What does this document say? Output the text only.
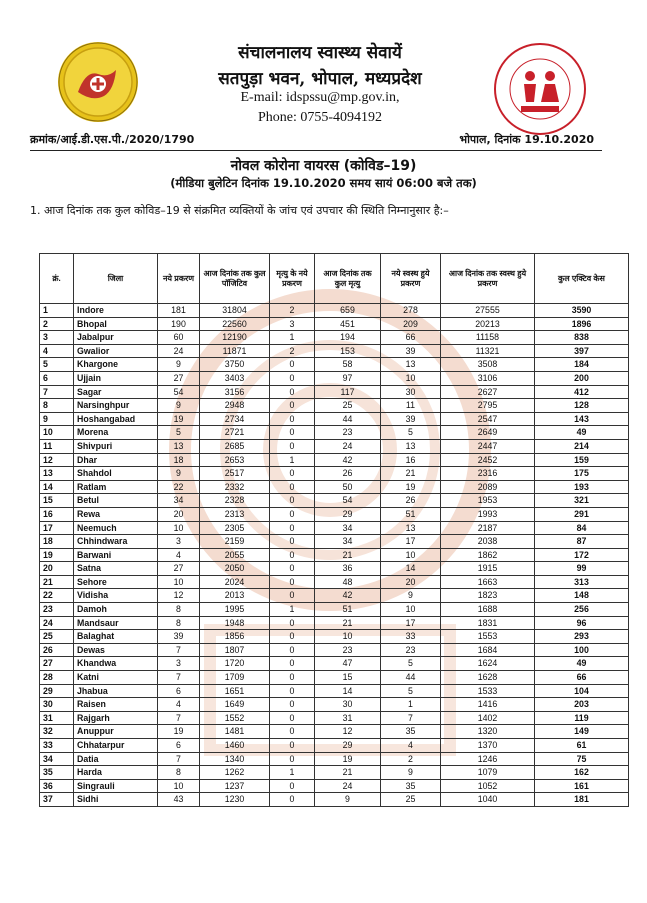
संचालनालय स्वास्थ्य सेवायें
सतपुड़ा भवन, भोपाल, मध्यप्रदेश
E-mail: idspssu@mp.gov.in,
Phone: 0755-4094192
क्रमांक/आई.डी.एस.पी./2020/1790	भोपाल, दिनांक 19.10.2020
नोवल कोरोना वायरस (कोविड–19)
(मीडिया बुलेटिन दिनांक 19.10.2020 समय सायं 06:00 बजे तक)
1. आज दिनांक तक कुल कोविड–19 से संक्रमित व्यक्तियों के जांच एवं उपचार की स्थिति निम्नानुसार है:–
क्रं.	जिला	नये प्रकरण	आज दिनांक तक कुल पॉजिटिव	मृत्यु के नये प्रकरण	आज दिनांक तक कुल मृत्यु	नये स्वस्थ हुये प्रकरण	आज दिनांक तक स्वस्थ हुये प्रकरण	कुल एक्टिव केस
1	Indore	181	31804	2	659	278	27555	3590
2	Bhopal	190	22560	3	451	209	20213	1896
3	Jabalpur	60	12190	1	194	66	11158	838
4	Gwalior	24	11871	2	153	39	11321	397
5	Khargone	9	3750	0	58	13	3508	184
6	Ujjain	27	3403	0	97	10	3106	200
7	Sagar	54	3156	0	117	30	2627	412
8	Narsinghpur	9	2948	0	25	11	2795	128
9	Hoshangabad	19	2734	0	44	39	2547	143
10	Morena	5	2721	0	23	5	2649	49
11	Shivpuri	13	2685	0	24	13	2447	214
12	Dhar	18	2653	1	42	16	2452	159
13	Shahdol	9	2517	0	26	21	2316	175
14	Ratlam	22	2332	0	50	19	2089	193
15	Betul	34	2328	0	54	26	1953	321
16	Rewa	20	2313	0	29	51	1993	291
17	Neemuch	10	2305	0	34	13	2187	84
18	Chhindwara	3	2159	0	34	17	2038	87
19	Barwani	4	2055	0	21	10	1862	172
20	Satna	27	2050	0	36	14	1915	99
21	Sehore	10	2024	0	48	20	1663	313
22	Vidisha	12	2013	0	42	9	1823	148
23	Damoh	8	1995	1	51	10	1688	256
24	Mandsaur	8	1948	0	21	17	1831	96
25	Balaghat	39	1856	0	10	33	1553	293
26	Dewas	7	1807	0	23	23	1684	100
27	Khandwa	3	1720	0	47	5	1624	49
28	Katni	7	1709	0	15	44	1628	66
29	Jhabua	6	1651	0	14	5	1533	104
30	Raisen	4	1649	0	30	1	1416	203
31	Rajgarh	7	1552	0	31	7	1402	119
32	Anuppur	19	1481	0	12	35	1320	149
33	Chhatarpur	6	1460	0	29	4	1370	61
34	Datia	7	1340	0	19	2	1246	75
35	Harda	8	1262	1	21	9	1079	162
36	Singrauli	10	1237	0	24	35	1052	161
37	Sidhi	43	1230	0	9	25	1040	181
